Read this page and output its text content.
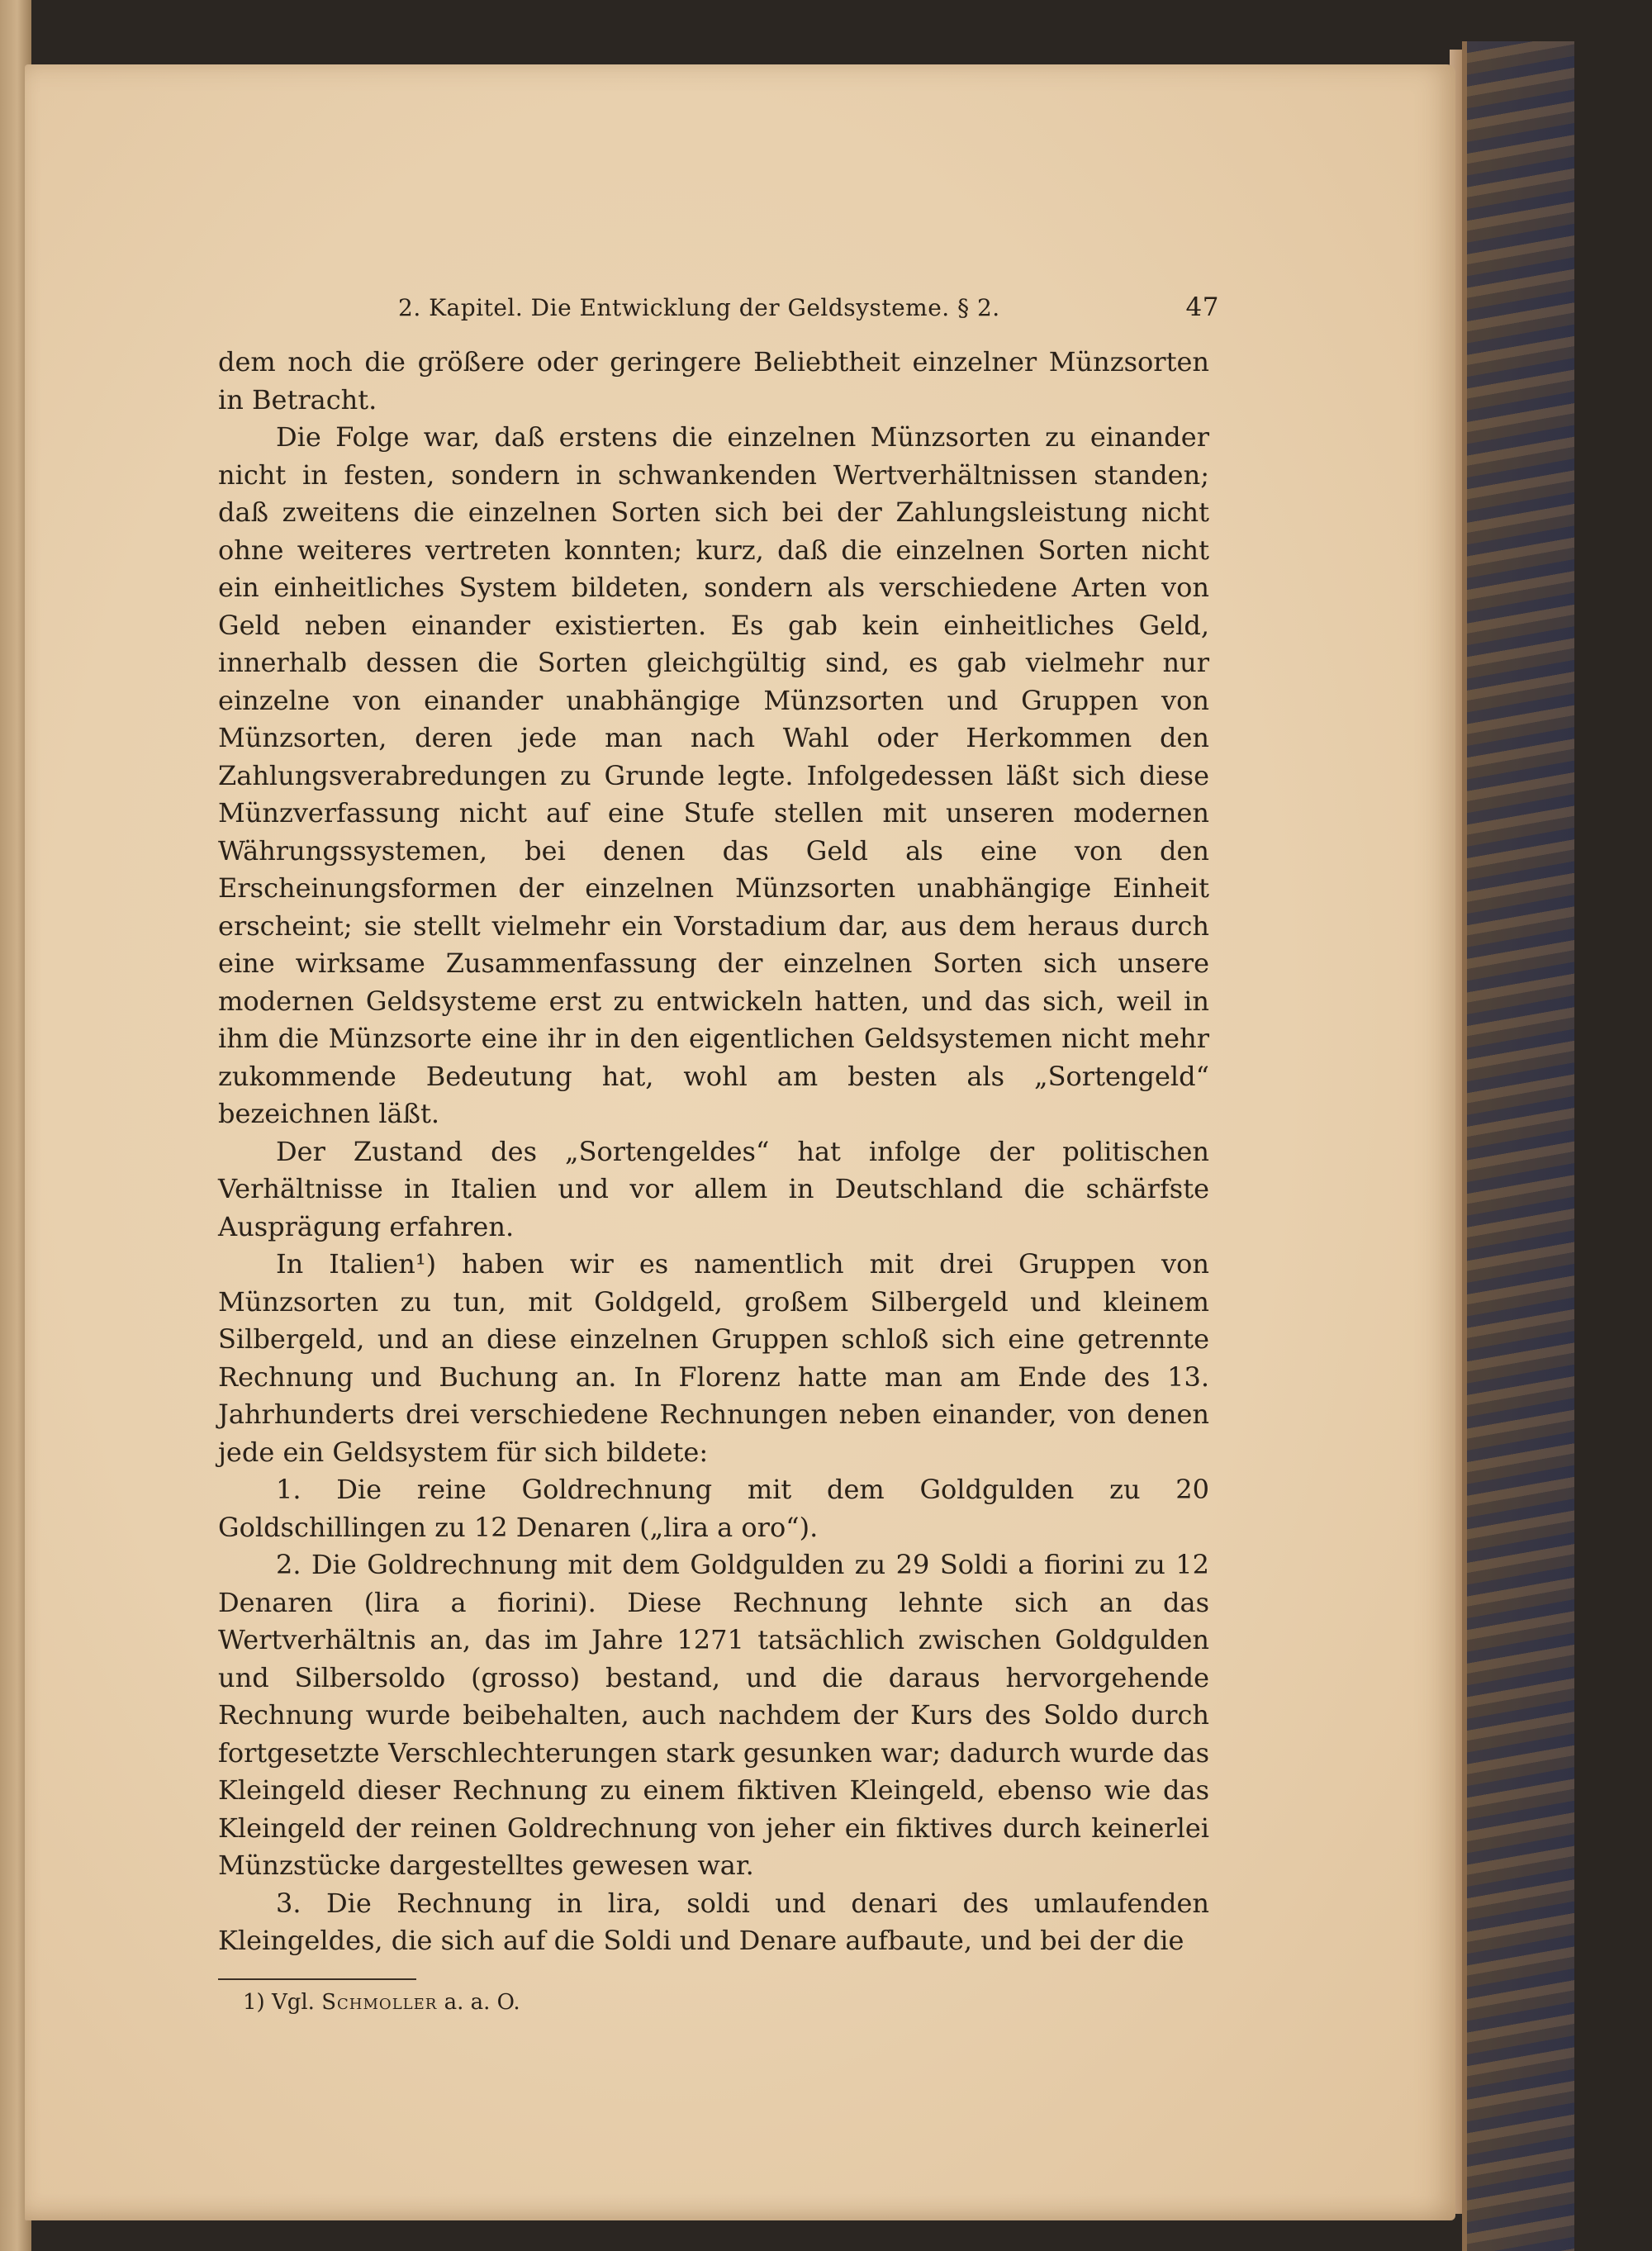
2. Kapitel. Die Entwicklung der Geldsysteme. § 2.	47

dem noch die größere oder geringere Beliebtheit einzelner Münzsorten in Betracht.

Die Folge war, daß erstens die einzelnen Münzsorten zu einander nicht in festen, sondern in schwankenden Wertverhältnissen standen; daß zweitens die einzelnen Sorten sich bei der Zahlungsleistung nicht ohne weiteres vertreten konnten; kurz, daß die einzelnen Sorten nicht ein einheitliches System bildeten, sondern als verschiedene Arten von Geld neben einander existierten. Es gab kein einheitliches Geld, innerhalb dessen die Sorten gleichgültig sind, es gab vielmehr nur einzelne von einander unabhängige Münzsorten und Gruppen von Münzsorten, deren jede man nach Wahl oder Herkommen den Zahlungsverabredungen zu Grunde legte. Infolgedessen läßt sich diese Münzverfassung nicht auf eine Stufe stellen mit unseren modernen Währungssystemen, bei denen das Geld als eine von den Erscheinungsformen der einzelnen Münzsorten unabhängige Einheit erscheint; sie stellt vielmehr ein Vorstadium dar, aus dem heraus durch eine wirksame Zusammenfassung der einzelnen Sorten sich unsere modernen Geldsysteme erst zu entwickeln hatten, und das sich, weil in ihm die Münzsorte eine ihr in den eigentlichen Geldsystemen nicht mehr zukommende Bedeutung hat, wohl am besten als „Sortengeld“ bezeichnen läßt.

Der Zustand des „Sortengeldes“ hat infolge der politischen Verhältnisse in Italien und vor allem in Deutschland die schärfste Ausprägung erfahren.

In Italien¹) haben wir es namentlich mit drei Gruppen von Münzsorten zu tun, mit Goldgeld, großem Silbergeld und kleinem Silbergeld, und an diese einzelnen Gruppen schloß sich eine getrennte Rechnung und Buchung an. In Florenz hatte man am Ende des 13. Jahrhunderts drei verschiedene Rechnungen neben einander, von denen jede ein Geldsystem für sich bildete:

1. Die reine Goldrechnung mit dem Goldgulden zu 20 Goldschillingen zu 12 Denaren („lira a oro“).

2. Die Goldrechnung mit dem Goldgulden zu 29 Soldi a fiorini zu 12 Denaren (lira a fiorini). Diese Rechnung lehnte sich an das Wertverhältnis an, das im Jahre 1271 tatsächlich zwischen Goldgulden und Silbersoldo (grosso) bestand, und die daraus hervorgehende Rechnung wurde beibehalten, auch nachdem der Kurs des Soldo durch fortgesetzte Verschlechterungen stark gesunken war; dadurch wurde das Kleingeld dieser Rechnung zu einem fiktiven Kleingeld, ebenso wie das Kleingeld der reinen Goldrechnung von jeher ein fiktives durch keinerlei Münzstücke dargestelltes gewesen war.

3. Die Rechnung in lira, soldi und denari des umlaufenden Kleingeldes, die sich auf die Soldi und Denare aufbaute, und bei der die

1) Vgl. Schmoller a. a. O.
